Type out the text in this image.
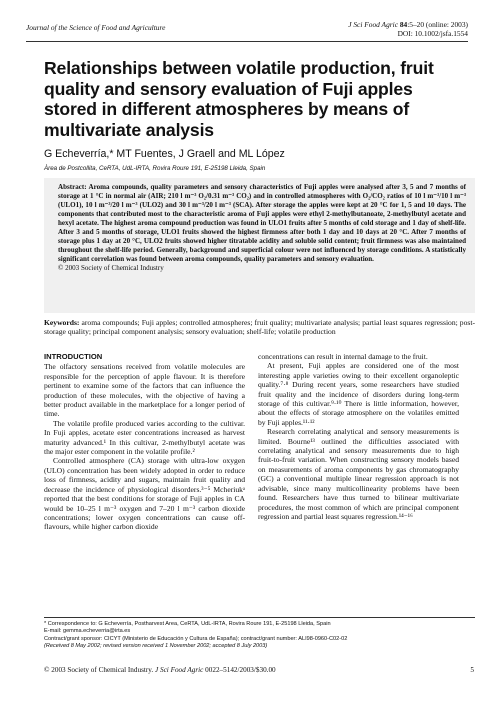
Journal of the Science of Food and Agriculture	J Sci Food Agric 84:5–20 (online: 2003)
DOI: 10.1002/jsfa.1554
Relationships between volatile production, fruit quality and sensory evaluation of Fuji apples stored in different atmospheres by means of multivariate analysis
G Echeverría,* MT Fuentes, J Graell and ML López
Àrea de Postcollita, CeRTA, UdL-IRTA, Rovira Roure 191, E-25198 Lleida, Spain

Abstract: Aroma compounds, quality parameters and sensory characteristics of Fuji apples were analysed after 3, 5 and 7 months of storage at 1 °C in normal air (AIR; 210 l m⁻³ O₂/0.31 m⁻³ CO₂) and in controlled atmospheres with O₂/CO₂ ratios of 10 l m⁻³/10 l m⁻³ (ULO1), 10 l m⁻³/20 l m⁻³ (ULO2) and 30 l m⁻³/20 l m⁻³ (SCA). After storage the apples were kept at 20 °C for 1, 5 and 10 days. The components that contributed most to the characteristic aroma of Fuji apples were ethyl 2-methylbutanoate, 2-methylbutyl acetate and hexyl acetate. The highest aroma compound production was found in ULO1 fruits after 5 months of cold storage and 1 day of shelf-life. After 3 and 5 months of storage, ULO1 fruits showed the highest firmness after both 1 day and 10 days at 20 °C. After 7 months of storage plus 1 day at 20 °C, ULO2 fruits showed higher titratable acidity and soluble solid content; fruit firmness was also maintained throughout the shelf-life period. Generally, background and superficial colour were not influenced by storage conditions. A statistically significant correlation was found between aroma compounds, quality parameters and sensory evaluation.

© 2003 Society of Chemical Industry

Keywords: aroma compounds; Fuji apples; controlled atmospheres; fruit quality; multivariate analysis; partial least squares regression; post-storage quality; principal component analysis; sensory evaluation; shelf-life; volatile production
INTRODUCTION

The olfactory sensations received from volatile molecules are responsible for the perception of apple flavour. It is therefore pertinent to examine some of the factors that can influence the production of these molecules, with the objective of having a better product available in the marketplace for a longer period of time.

The volatile profile produced varies according to the cultivar. In Fuji apples, acetate ester concentrations increased as harvest maturity advanced.¹ In this cultivar, 2-methylbutyl acetate was the major ester component in the volatile profile.²

Controlled atmosphere (CA) storage with ultra-low oxygen (ULO) concentration has been widely adopted in order to reduce loss of firmness, acidity and sugars, maintain fruit quality and decrease the incidence of physiological disorders.³⁻⁵ Mcheriukᵃ reported that the best conditions for storage of Fuji apples in CA would be 10–25 l m⁻³ oxygen and 7–20 l m⁻³ carbon dioxide concentrations; lower oxygen concentrations can cause off-flavours, while higher carbon dioxide

concentrations can result in internal damage to the fruit.

At present, Fuji apples are considered one of the most interesting apple varieties owing to their excellent organoleptic quality.⁷·⁸ During recent years, some researchers have studied fruit quality and the incidence of disorders during long-term storage of this cultivar.⁹·¹⁰ There is little information, however, about the effects of storage atmosphere on the volatiles emitted by Fuji apples.¹¹·¹²

Research correlating analytical and sensory measurements is limited. Bourne¹³ outlined the difficulties associated with correlating analytical and sensory measurements due to high fruit-to-fruit variation. When constructing sensory models based on measurements of aroma components by gas chromatography (GC) a conventional multiple linear regression approach is not advisable, since many multicollinearity problems have been found. Researchers have thus turned to bilinear multivariate procedures, the most common of which are principal component regression and partial least squares regression.¹⁴⁻¹⁶

* Correspondence to: G Echeverría, Postharvest Area, CeRTA, UdL-IRTA, Rovira Roure 191, E-25198 Lleida, Spain
E-mail: gemma.echeverria@irta.es
Contract/grant sponsor: CICYT (Ministerio de Educación y Cultura de España); contract/grant number: ALI98-0960-C02-02
(Received 8 May 2002; revised version received 1 November 2002; accepted 8 July 2003)
© 2003 Society of Chemical Industry. J Sci Food Agric 0022–5142/2003/$30.00	5
